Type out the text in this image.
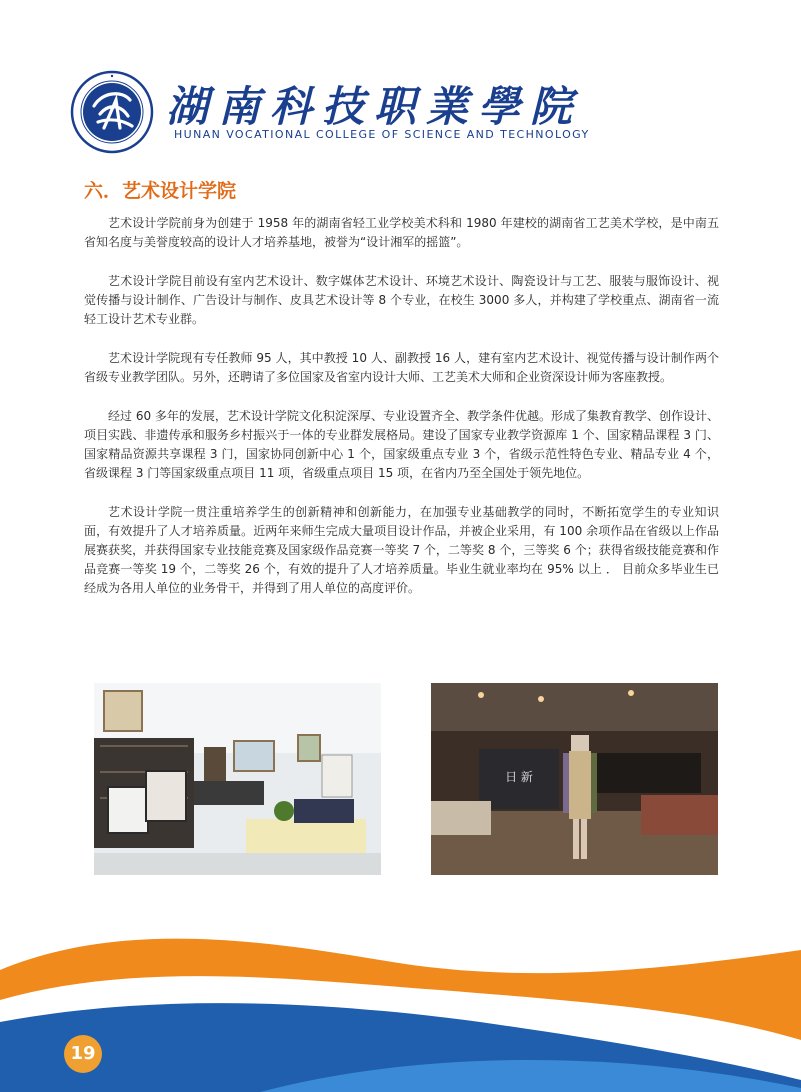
湖南科技职業學院
HUNAN VOCATIONAL COLLEGE OF SCIENCE AND TECHNOLOGY
六．艺术设计学院

艺术设计学院前身为创建于 1958 年的湖南省轻工业学校美术科和 1980 年建校的湖南省工艺美术学校，是中南五省知名度与美誉度较高的设计人才培养基地，被誉为“设计湘军的摇篮”。

艺术设计学院目前设有室内艺术设计、数字媒体艺术设计、环境艺术设计、陶瓷设计与工艺、服装与服饰设计、视觉传播与设计制作、广告设计与制作、皮具艺术设计等 8 个专业，在校生 3000 多人，并构建了学校重点、湖南省一流轻工设计艺术专业群。

艺术设计学院现有专任教师 95 人，其中教授 10 人、副教授 16 人，建有室内艺术设计、视觉传播与设计制作两个省级专业教学团队。另外，还聘请了多位国家及省室内设计大师、工艺美术大师和企业资深设计师为客座教授。

经过 60 多年的发展，艺术设计学院文化积淀深厚、专业设置齐全、教学条件优越。形成了集教育教学、创作设计、项目实践、非遗传承和服务乡村振兴于一体的专业群发展格局。建设了国家专业教学资源库 1 个、国家精品课程 3 门、国家精品资源共享课程 3 门，国家协同创新中心 1 个，国家级重点专业 3 个，省级示范性特色专业、精品专业 4 个，省级课程 3 门等国家级重点项目 11 项，省级重点项目 15 项，在省内乃至全国处于领先地位。

艺术设计学院一贯注重培养学生的创新精神和创新能力，在加强专业基础教学的同时，不断拓宽学生的专业知识面，有效提升了人才培养质量。近两年来师生完成大量项目设计作品，并被企业采用，有 100 余项作品在省级以上作品展赛获奖，并获得国家专业技能竞赛及国家级作品竞赛一等奖 7 个，二等奖 8 个，三等奖 6 个；获得省级技能竞赛和作品竞赛一等奖 19 个，二等奖 26 个，有效的提升了人才培养质量。毕业生就业率均在 95% 以上 ． 目前众多毕业生已经成为各用人单位的业务骨干，并得到了用人单位的高度评价。

日 新
19
